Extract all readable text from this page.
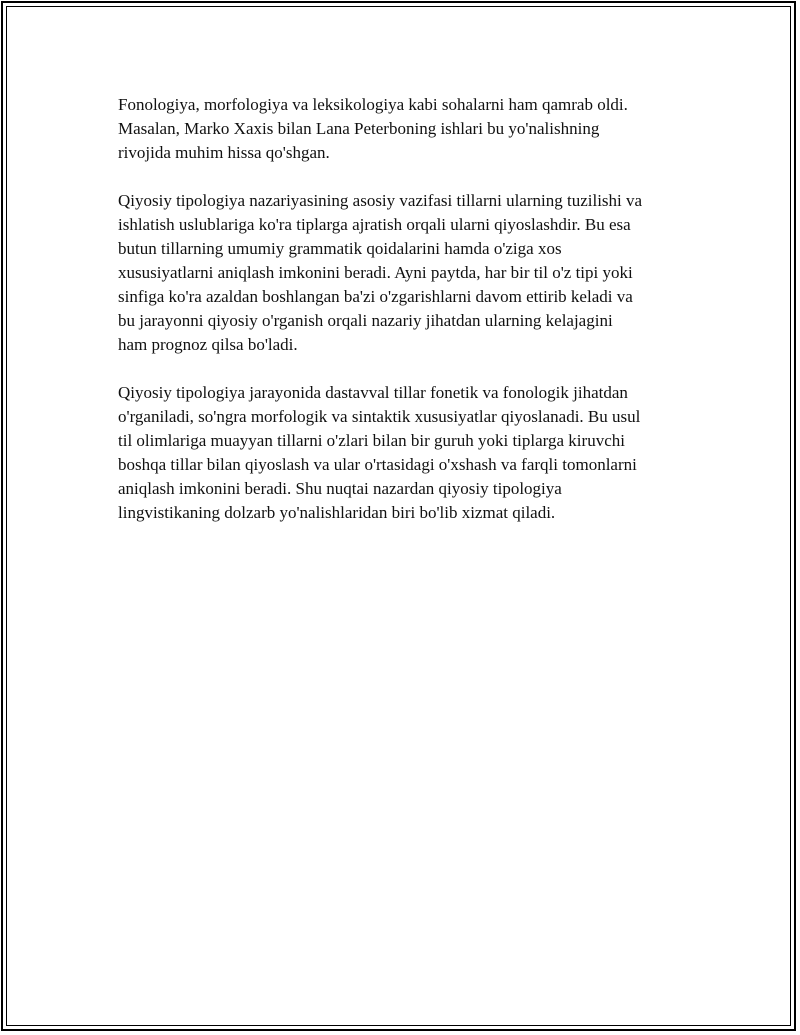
Fonologiya, morfologiya va leksikologiya kabi sohalarni ham qamrab oldi.
Masalan, Marko Xaxis bilan Lana Peterboning ishlari bu yo'nalishning
rivojida muhim hissa qo'shgan.

Qiyosiy tipologiya nazariyasining asosiy vazifasi tillarni ularning tuzilishi va
ishlatish uslublariga ko'ra tiplarga ajratish orqali ularni qiyoslashdir. Bu esa
butun tillarning umumiy grammatik qoidalarini hamda o'ziga xos
xususiyatlarni aniqlash imkonini beradi. Ayni paytda, har bir til o'z tipi yoki
sinfiga ko'ra azaldan boshlangan ba'zi o'zgarishlarni davom ettirib keladi va
bu jarayonni qiyosiy o'rganish orqali nazariy jihatdan ularning kelajagini
ham prognoz qilsa bo'ladi.

Qiyosiy tipologiya jarayonida dastavval tillar fonetik va fonologik jihatdan
o'rganiladi, so'ngra morfologik va sintaktik xususiyatlar qiyoslanadi. Bu usul
til olimlariga muayyan tillarni o'zlari bilan bir guruh yoki tiplarga kiruvchi
boshqa tillar bilan qiyoslash va ular o'rtasidagi o'xshash va farqli tomonlarni
aniqlash imkonini beradi. Shu nuqtai nazardan qiyosiy tipologiya
lingvistikaning dolzarb yo'nalishlaridan biri bo'lib xizmat qiladi.
